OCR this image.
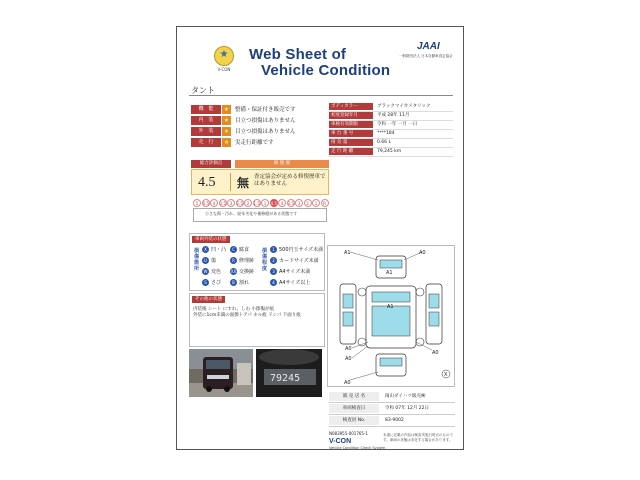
★
V-CON
Web Sheet of
Vehicle Condition
JAAI
一般財団法人 日本自動車査定協会
タント
機　能	★	整備・保証付き販売です
内　装	★	目立つ損傷はありません
外　装	★	目立つ損傷はありません
走　行	★	実走行距離です
ボディカラー	ブラックマイカメタリック
初度登録年月	平成 28年 11月
車検有効期限	令和 一年 一月 一日
車 台 番 号	****184
排 気 量	0.66 L
走 行 距 離	79,245 km
総合評価点	修 復 歴
4.5 無 査定協会が定める修復歴車ではありません
5	4.5 4	3.5 3	2.5 2	1.5 1	4.5 4	3.5 3	2	1	R
小さな傷・汚れ、経年劣化や補修歴がある状態です
車両外装の状態
損傷箇所
損傷程度
X 凹・凸
U 傷
W 変色
S さび
C 腐食
R 修理跡
XX 交換跡
B 割れ
1 500円玉サイズ未満
2 カードサイズ未満
3 A4サイズ未満
4 A4サイズ以上
その他の状態
内装後 シート にすれ、しわ 小擦傷が痕
外装に1cm未満の面擦トアパ ネル痕 ドンパ 下面り痕
A1	A0
A1
A1
A0
A0
A0
A0
X
79245
販 売 店 名	岡山ダイハツ販売㈱
車両検査日	令和 07年 12月 22日
検査員 No.	83-9002
N083955-001765-1
V-CON
Vehicle Condition Check System
本書に記載の内容は検査実施日時点のものです。車両の状態は変化する場合があります。
